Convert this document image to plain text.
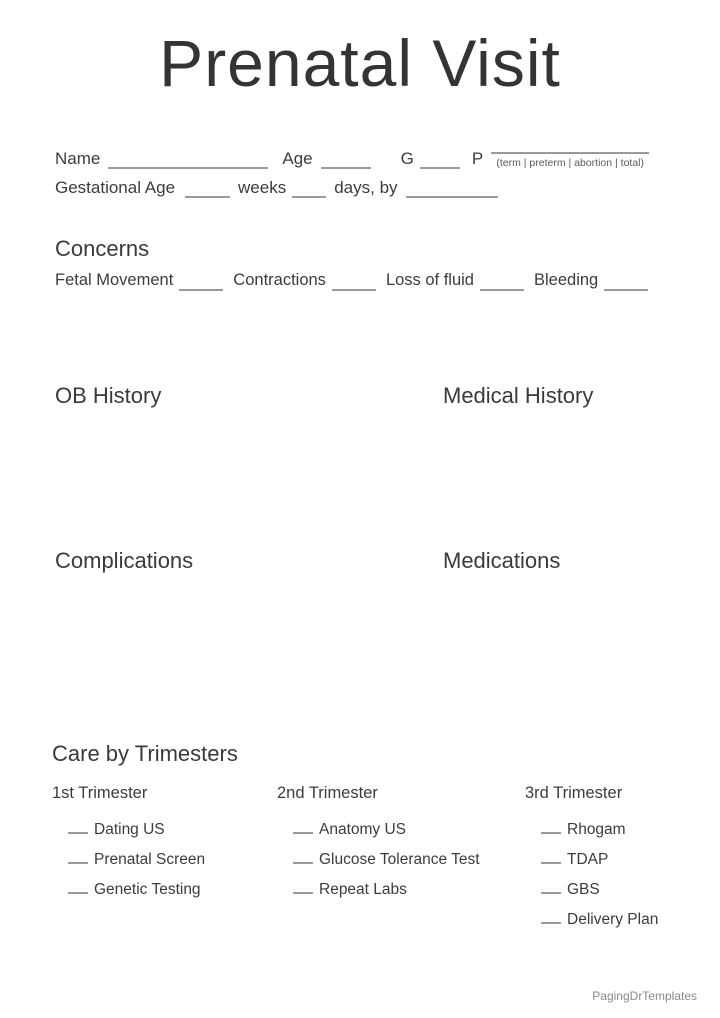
Prenatal Visit
Name	Age	G	P	(term | preterm | abortion | total)
Gestational Age	weeks	days, by
Concerns
Fetal Movement	Contractions	Loss of fluid	Bleeding
OB History	Medical History
Complications	Medications
Care by Trimesters
1st Trimester
Dating US
Prenatal Screen
Genetic Testing
2nd Trimester
Anatomy US
Glucose Tolerance Test
Repeat Labs
3rd Trimester
Rhogam
TDAP
GBS
Delivery Plan
PagingDrTemplates
